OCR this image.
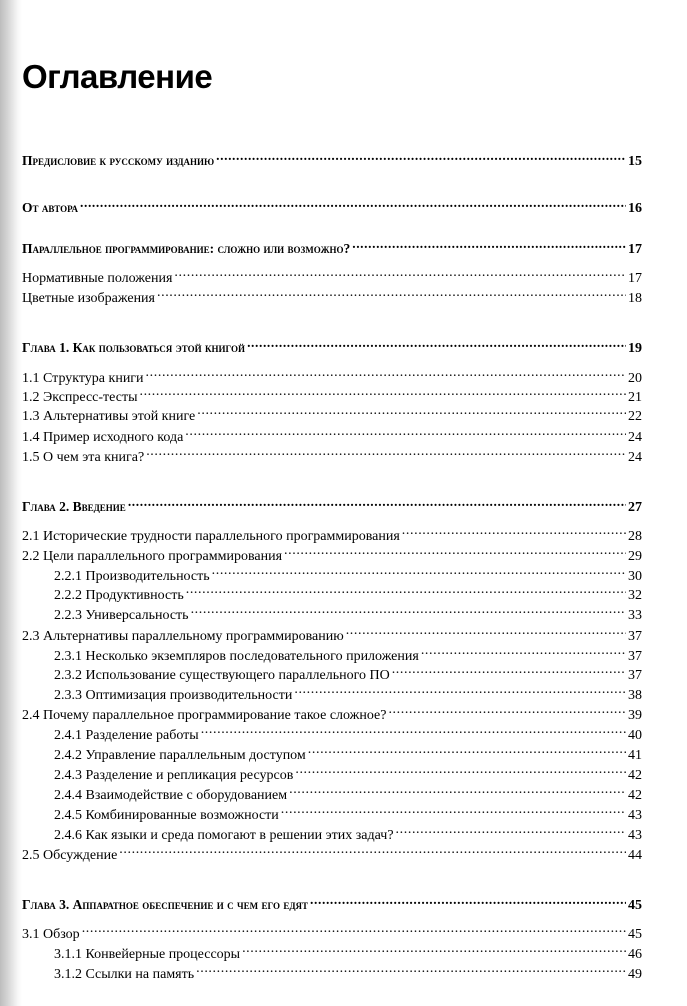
Оглавление
Предисловие к русскому изданию .....	15
От автора .....	16
Параллельное программирование: сложно или возможно? .....	17
Нормативные положения .....	17
Цветные изображения .....	18
Глава 1. Как пользоваться этой книгой .....	19
1.1 Структура книги .....	20
1.2 Экспресс-тесты .....	21
1.3 Альтернативы этой книге .....	22
1.4 Пример исходного кода .....	24
1.5 О чем эта книга? .....	24
Глава 2. Введение .....	27
2.1 Исторические трудности параллельного программирования .....	28
2.2 Цели параллельного программирования .....	29
2.2.1 Производительность .....	30
2.2.2 Продуктивность .....	32
2.2.3 Универсальность .....	33
2.3 Альтернативы параллельному программированию .....	37
2.3.1 Несколько экземпляров последовательного приложения .....	37
2.3.2 Использование существующего параллельного ПО .....	37
2.3.3 Оптимизация производительности .....	38
2.4 Почему параллельное программирование такое сложное? .....	39
2.4.1 Разделение работы .....	40
2.4.2 Управление параллельным доступом .....	41
2.4.3 Разделение и репликация ресурсов .....	42
2.4.4 Взаимодействие с оборудованием .....	42
2.4.5 Комбинированные возможности .....	43
2.4.6 Как языки и среда помогают в решении этих задач? .....	43
2.5 Обсуждение .....	44
Глава 3. Аппаратное обеспечение и с чем его едят .....	45
3.1 Обзор .....	45
3.1.1 Конвейерные процессоры .....	46
3.1.2 Ссылки на память .....	49
